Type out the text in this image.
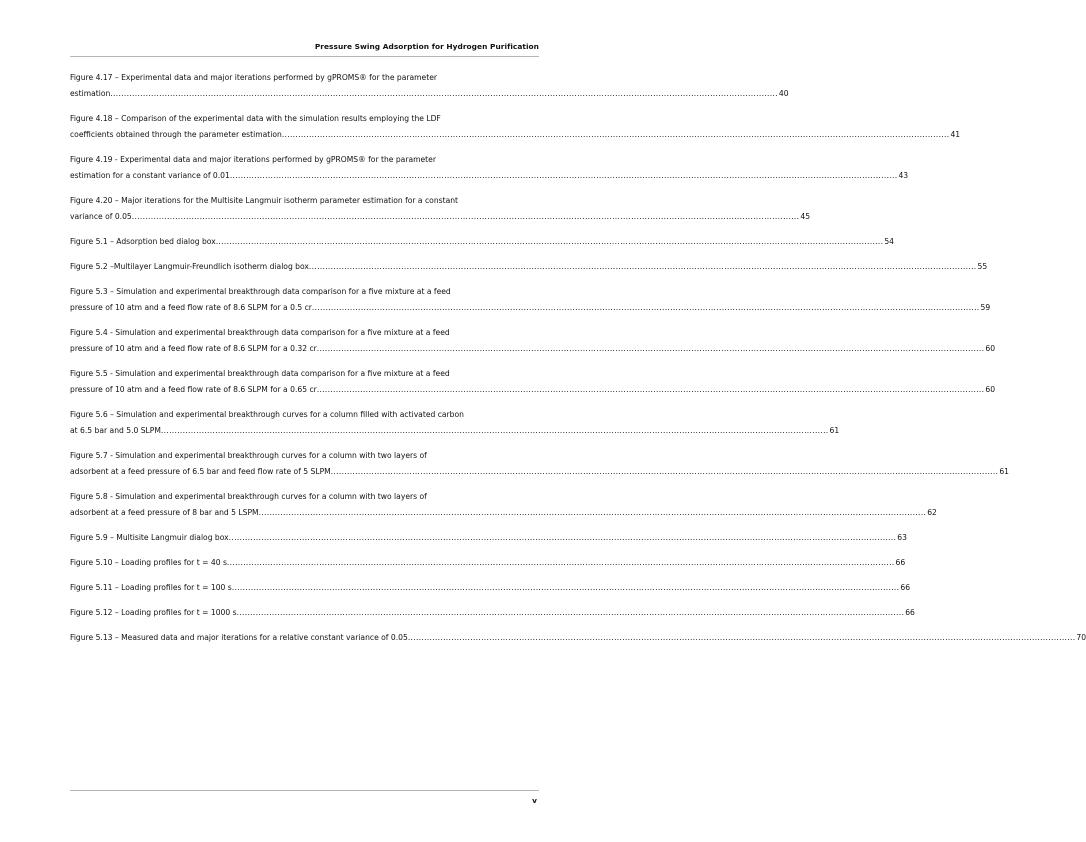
Pressure Swing Adsorption for Hydrogen Purification
Figure 4.17 – Experimental data and major iterations performed by gPROMS® for the parameter
estimation .....	40
Figure 4.18 – Comparison of the experimental data with the simulation results employing the LDF
coefficients obtained through the parameter estimation .....	41
Figure 4.19 - Experimental data and major iterations performed by gPROMS® for the parameter
estimation for a constant variance of 0.01 .....	43
Figure 4.20 – Major iterations for the Multisite Langmuir isotherm parameter estimation for a constant
variance of 0.05 .....	45
Figure 5.1 – Adsorption bed dialog box .....	54
Figure 5.2 –Multilayer Langmuir-Freundlich isotherm dialog box .....	55
Figure 5.3 – Simulation and experimental breakthrough data comparison for a five mixture at a feed
pressure of 10 atm and a feed flow rate of 8.6 SLPM for a 0.5 cr .....	59
Figure 5.4 - Simulation and experimental breakthrough data comparison for a five mixture at a feed
pressure of 10 atm and a feed flow rate of 8.6 SLPM for a 0.32 cr .....	60
Figure 5.5 - Simulation and experimental breakthrough data comparison for a five mixture at a feed
pressure of 10 atm and a feed flow rate of 8.6 SLPM for a 0.65 cr .....	60
Figure 5.6 – Simulation and experimental breakthrough curves for a column filled with activated carbon
at 6.5 bar and 5.0 SLPM .....	61
Figure 5.7 - Simulation and experimental breakthrough curves for a column with two layers of
adsorbent at a feed pressure of 6.5 bar and feed flow rate of 5 SLPM .....	61
Figure 5.8 - Simulation and experimental breakthrough curves for a column with two layers of
adsorbent at a feed pressure of 8 bar and 5 LSPM .....	62
Figure 5.9 – Multisite Langmuir dialog box .....	63
Figure 5.10 – Loading profiles for t = 40 s .....	66
Figure 5.11 – Loading profiles for t = 100 s .....	66
Figure 5.12 – Loading profiles for t = 1000 s .....	66
Figure 5.13 – Measured data and major iterations for a relative constant variance of 0.05 .....	70
v
